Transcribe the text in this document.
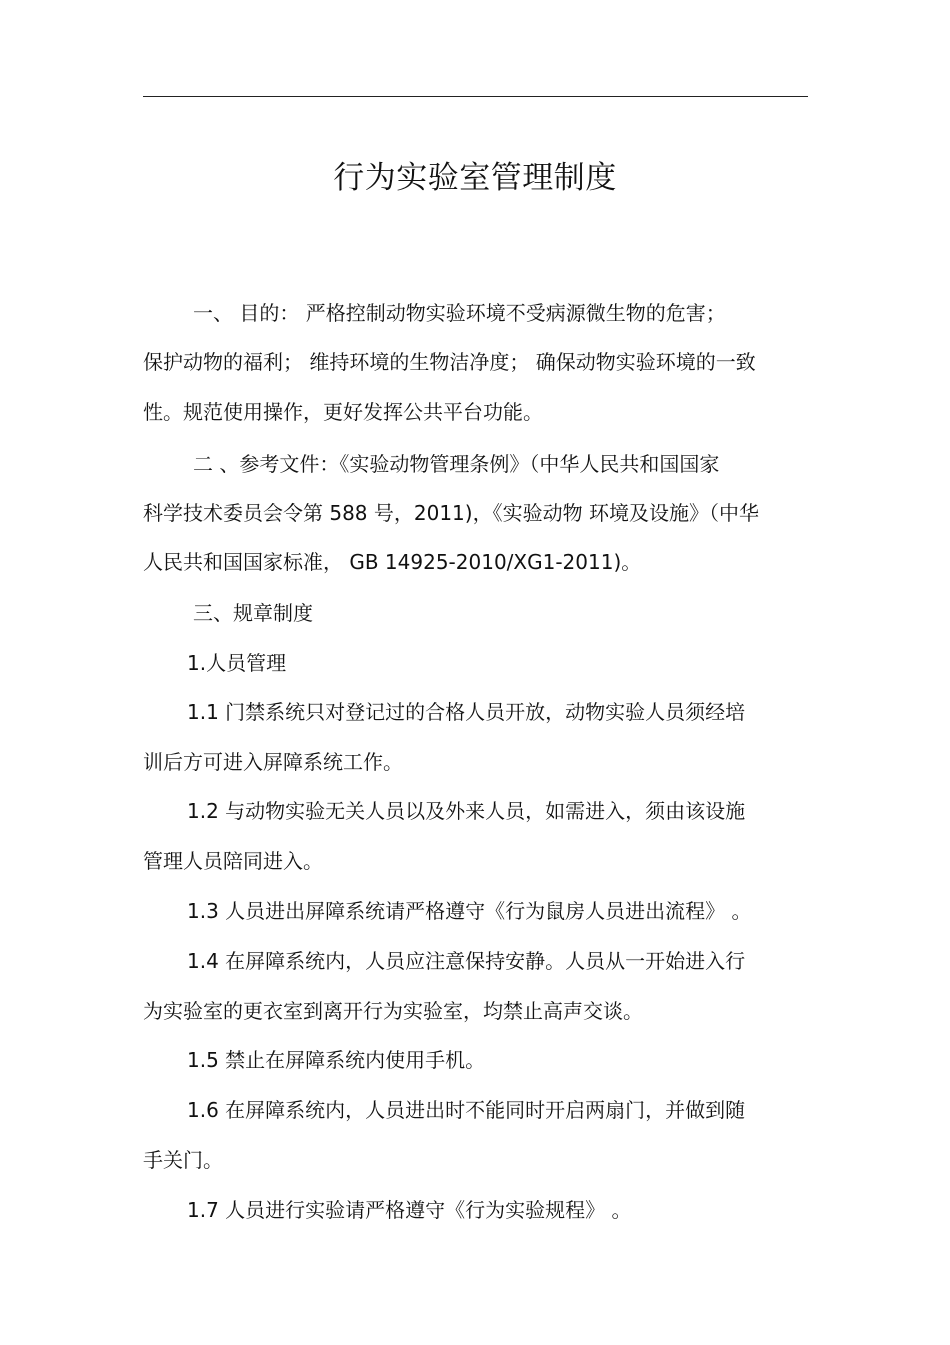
行为实验室管理制度

一、 目的： 严格控制动物实验环境不受病源微生物的危害；

保护动物的福利； 维持环境的生物洁净度； 确保动物实验环境的一致

性。规范使用操作，更好发挥公共平台功能。

二 、参考文件：《实验动物管理条例》（中华人民共和国国家

科学技术委员会令第 588 号，2011)，《实验动物 环境及设施》（中华

人民共和国国家标准， GB 14925-2010/XG1-2011)。

三、规章制度

1.人员管理

1.1 门禁系统只对登记过的合格人员开放，动物实验人员须经培

训后方可进入屏障系统工作。

1.2 与动物实验无关人员以及外来人员，如需进入，须由该设施

管理人员陪同进入。

1.3 人员进出屏障系统请严格遵守《行为鼠房人员进出流程》 。

1.4 在屏障系统内，人员应注意保持安静。人员从一开始进入行

为实验室的更衣室到离开行为实验室，均禁止高声交谈。

1.5 禁止在屏障系统内使用手机。

1.6 在屏障系统内，人员进出时不能同时开启两扇门，并做到随

手关门。

1.7 人员进行实验请严格遵守《行为实验规程》 。
